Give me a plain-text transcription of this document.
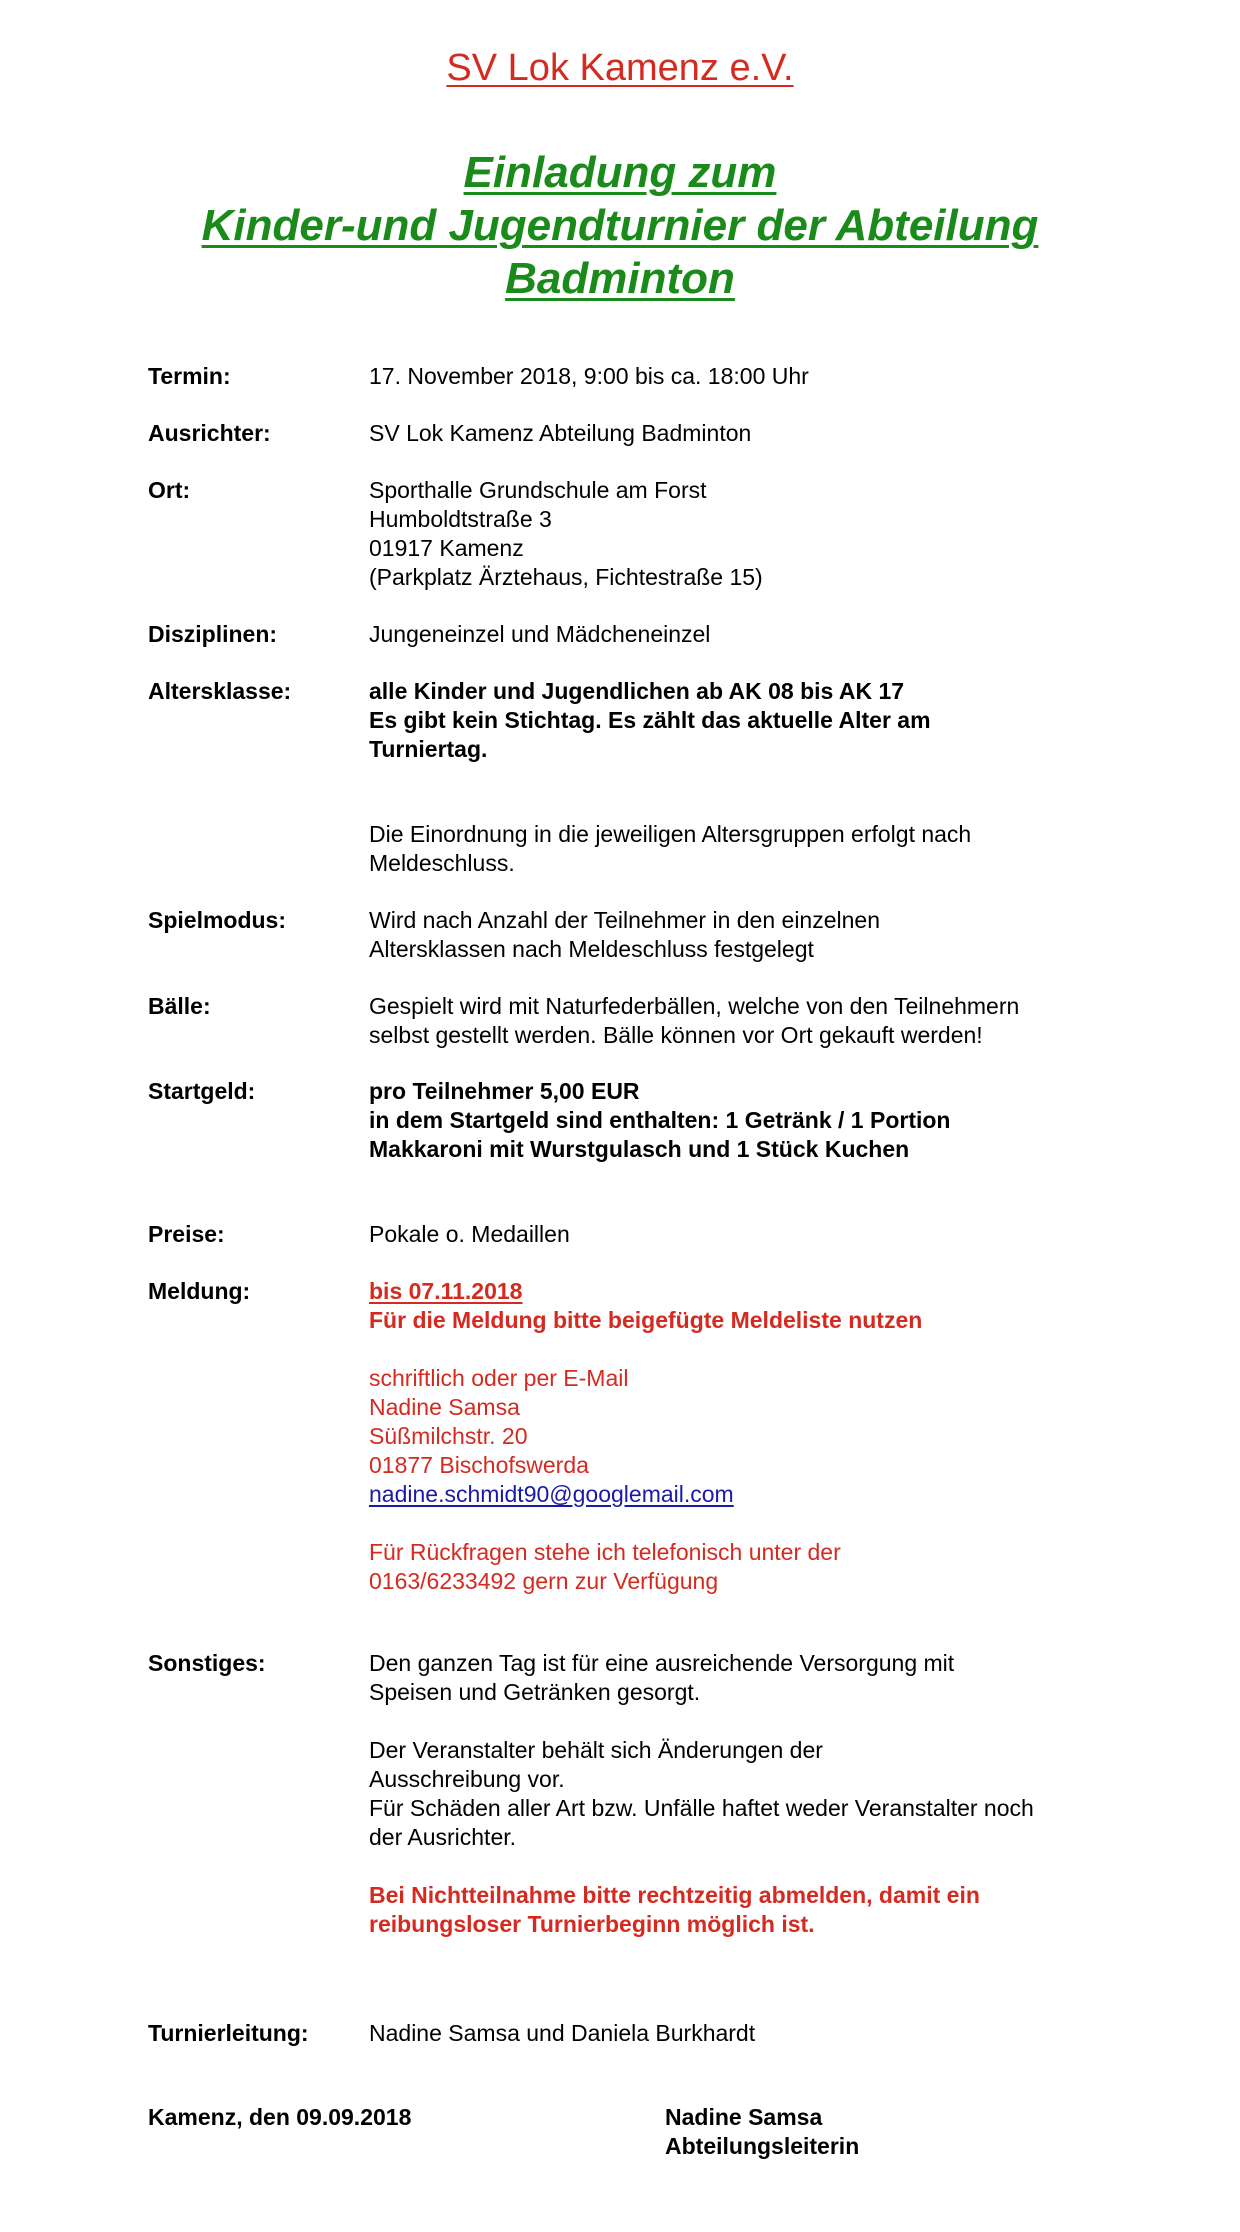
SV Lok Kamenz e.V.
Einladung zum
Kinder-und Jugendturnier der Abteilung
Badminton
Termin:	17. November 2018, 9:00 bis ca. 18:00 Uhr
Ausrichter:	SV Lok Kamenz Abteilung Badminton
Ort:	Sporthalle Grundschule am Forst
Humboldtstraße 3
01917 Kamenz
(Parkplatz Ärztehaus, Fichtestraße 15)
Disziplinen:	Jungeneinzel und Mädcheneinzel
Altersklasse:	alle Kinder und Jugendlichen ab AK 08 bis AK 17
Es gibt kein Stichtag. Es zählt das aktuelle Alter am
Turniertag.
Die Einordnung in die jeweiligen Altersgruppen erfolgt nach
Meldeschluss.
Spielmodus:	Wird nach Anzahl der Teilnehmer in den einzelnen
Altersklassen nach Meldeschluss festgelegt
Bälle:	Gespielt wird mit Naturfederbällen, welche von den Teilnehmern
selbst gestellt werden. Bälle können vor Ort gekauft werden!
Startgeld:	pro Teilnehmer 5,00 EUR
in dem Startgeld sind enthalten: 1 Getränk / 1 Portion
Makkaroni mit Wurstgulasch und 1 Stück Kuchen
Preise:	Pokale o. Medaillen
Meldung:	bis 07.11.2018
Für die Meldung bitte beigefügte Meldeliste nutzen
schriftlich oder per E-Mail
Nadine Samsa
Süßmilchstr. 20
01877 Bischofswerda
nadine.schmidt90@googlemail.com
Für Rückfragen stehe ich telefonisch unter der
0163/6233492 gern zur Verfügung
Sonstiges:	Den ganzen Tag ist für eine ausreichende Versorgung mit
Speisen und Getränken gesorgt.
Der Veranstalter behält sich Änderungen der
Ausschreibung vor.
Für Schäden aller Art bzw. Unfälle haftet weder Veranstalter noch
der Ausrichter.
Bei Nichtteilnahme bitte rechtzeitig abmelden, damit ein
reibungsloser Turnierbeginn möglich ist.
Turnierleitung:	Nadine Samsa und Daniela Burkhardt
Kamenz, den 09.09.2018	Nadine Samsa
Abteilungsleiterin
